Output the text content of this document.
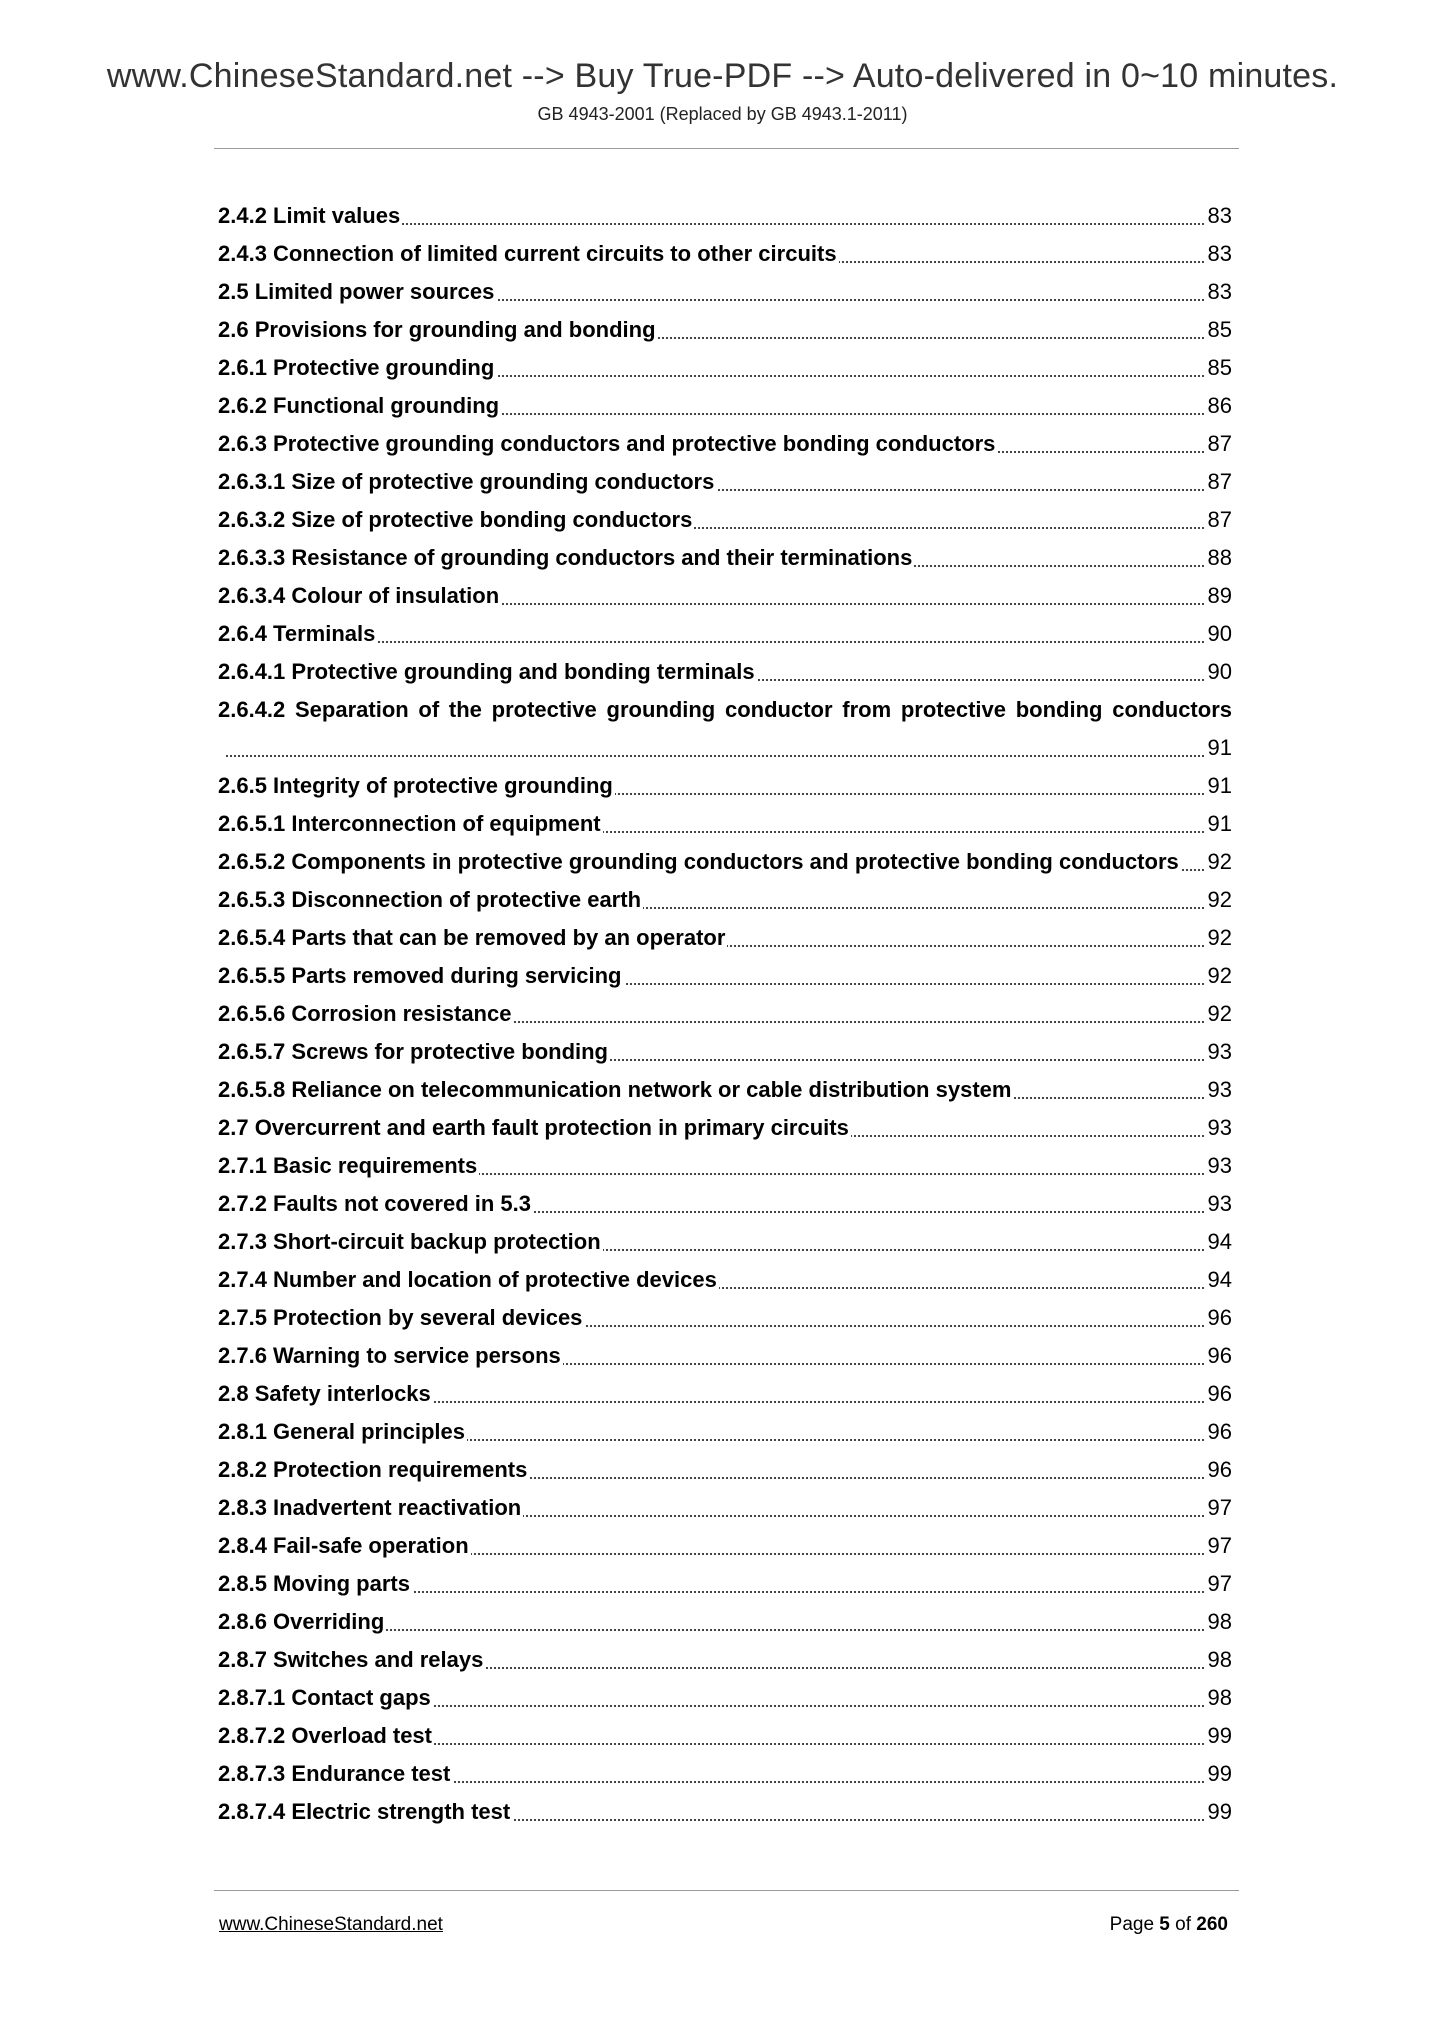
www.ChineseStandard.net --> Buy True-PDF --> Auto-delivered in 0~10 minutes.
GB 4943-2001 (Replaced by GB 4943.1-2011)
2.4.2 Limit values	83
2.4.3 Connection of limited current circuits to other circuits	83
2.5 Limited power sources	83
2.6 Provisions for grounding and bonding	85
2.6.1 Protective grounding	85
2.6.2 Functional grounding	86
2.6.3 Protective grounding conductors and protective bonding conductors	87
2.6.3.1 Size of protective grounding conductors	87
2.6.3.2 Size of protective bonding conductors	87
2.6.3.3 Resistance of grounding conductors and their terminations	88
2.6.3.4 Colour of insulation	89
2.6.4 Terminals	90
2.6.4.1 Protective grounding and bonding terminals	90
2.6.4.2 Separation of the protective grounding conductor from protective bonding conductors
91
2.6.5 Integrity of protective grounding	91
2.6.5.1 Interconnection of equipment	91
2.6.5.2 Components in protective grounding conductors and protective bonding conductors 92
2.6.5.3 Disconnection of protective earth	92
2.6.5.4 Parts that can be removed by an operator	92
2.6.5.5 Parts removed during servicing	92
2.6.5.6 Corrosion resistance	92
2.6.5.7 Screws for protective bonding	93
2.6.5.8 Reliance on telecommunication network or cable distribution system	93
2.7 Overcurrent and earth fault protection in primary circuits	93
2.7.1 Basic requirements	93
2.7.2 Faults not covered in 5.3	93
2.7.3 Short-circuit backup protection	94
2.7.4 Number and location of protective devices	94
2.7.5 Protection by several devices	96
2.7.6 Warning to service persons	96
2.8 Safety interlocks	96
2.8.1 General principles	96
2.8.2 Protection requirements	96
2.8.3 Inadvertent reactivation	97
2.8.4 Fail-safe operation	97
2.8.5 Moving parts	97
2.8.6 Overriding	98
2.8.7 Switches and relays	98
2.8.7.1 Contact gaps	98
2.8.7.2 Overload test	99
2.8.7.3 Endurance test	99
2.8.7.4 Electric strength test	99
www.ChineseStandard.net	Page 5 of 260
